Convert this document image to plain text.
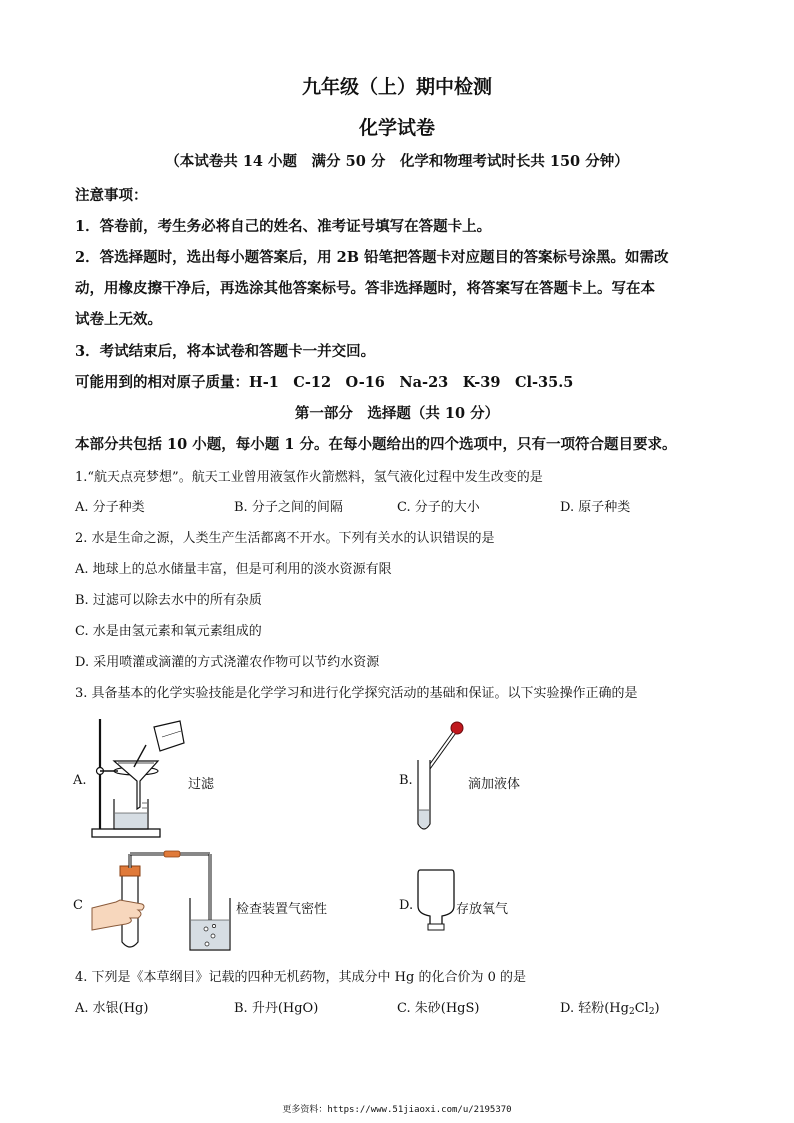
九年级（上）期中检测
化学试卷
（本试卷共 14 小题　满分 50 分　化学和物理考试时长共 150 分钟）
注意事项：
1．答卷前，考生务必将自己的姓名、准考证号填写在答题卡上。
2．答选择题时，选出每小题答案后，用 2B 铅笔把答题卡对应题目的答案标号涂黑。如需改
动，用橡皮擦干净后，再选涂其他答案标号。答非选择题时，将答案写在答题卡上。写在本
试卷上无效。
3．考试结束后，将本试卷和答题卡一并交回。
可能用到的相对原子质量：H-1　C-12　O-16　Na-23　K-39　Cl-35.5
第一部分　选择题（共 10 分）
本部分共包括 10 小题，每小题 1 分。在每小题给出的四个选项中，只有一项符合题目要求。
1.“航天点亮梦想”。航天工业曾用液氢作火箭燃料，氢气液化过程中发生改变的是
A. 分子种类	B. 分子之间的间隔	C. 分子的大小	D. 原子种类
2. 水是生命之源，人类生产生活都离不开水。下列有关水的认识错误的是
A. 地球上的总水储量丰富，但是可利用的淡水资源有限
B. 过滤可以除去水中的所有杂质
C. 水是由氢元素和氧元素组成的
D. 采用喷灌或滴灌的方式浇灌农作物可以节约水资源
3. 具备基本的化学实验技能是化学学习和进行化学探究活动的基础和保证。以下实验操作正确的是
A.	过滤	B.	滴加液体
C	检查装置气密性	D.	存放氧气
4. 下列是《本草纲目》记载的四种无机药物，其成分中 Hg 的化合价为 0 的是
A. 水银(Hg)	B. 升丹(HgO)	C. 朱砂(HgS)	D. 轻粉$(Hg_2Cl_2)$
更多资料：https://www.51jiaoxi.com/u/2195370
